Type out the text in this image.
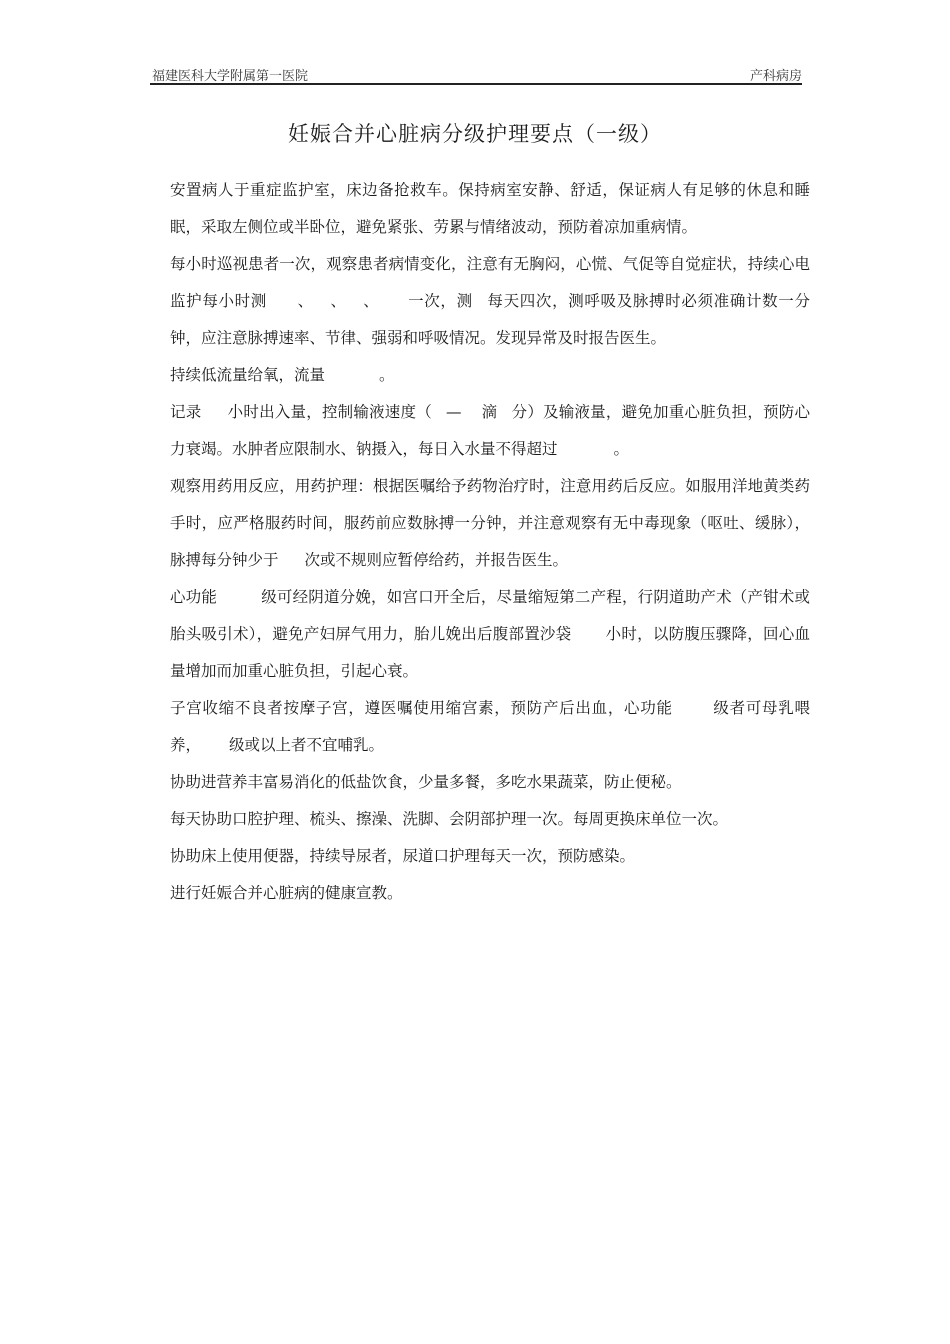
福建医科大学附属第一医院	产科病房
妊娠合并心脏病分级护理要点（一级）

安置病人于重症监护室，床边备抢救车。保持病室安静、舒适，保证病人有足够的休息和睡眠，采取左侧位或半卧位，避免紧张、劳累与情绪波动，预防着凉加重病情。

每小时巡视患者一次，观察患者病情变化，注意有无胸闷，心慌、气促等自觉症状，持续心电监护每小时测 、 、 、 一次，测 每天四次，测呼吸及脉搏时必须准确计数一分钟，应注意脉搏速率、节律、强弱和呼吸情况。发现异常及时报告医生。

持续低流量给氧，流量	。

记录 小时出入量，控制输液速度（ — 滴 分）及输液量，避免加重心脏负担，预防心力衰竭。水肿者应限制水、钠摄入，每日入水量不得超过	。

观察用药用反应，用药护理：根据医嘱给予药物治疗时，注意用药后反应。如服用洋地黄类药手时，应严格服药时间，服药前应数脉搏一分钟，并注意观察有无中毒现象（呕吐、缓脉），脉搏每分钟少于 次或不规则应暂停给药，并报告医生。

心功能	级可经阴道分娩，如宫口开全后，尽量缩短第二产程，行阴道助产术（产钳术或胎头吸引术），避免产妇屏气用力，胎儿娩出后腹部置沙袋 小时，以防腹压骤降，回心血量增加而加重心脏负担，引起心衰。

子宫收缩不良者按摩子宫，遵医嘱使用缩宫素，预防产后出血，心功能	级者可母乳喂养， 级或以上者不宜哺乳。

协助进营养丰富易消化的低盐饮食，少量多餐，多吃水果蔬菜，防止便秘。

每天协助口腔护理、梳头、擦澡、洗脚、会阴部护理一次。每周更换床单位一次。

协助床上使用便器，持续导尿者，尿道口护理每天一次，预防感染。

进行妊娠合并心脏病的健康宣教。
